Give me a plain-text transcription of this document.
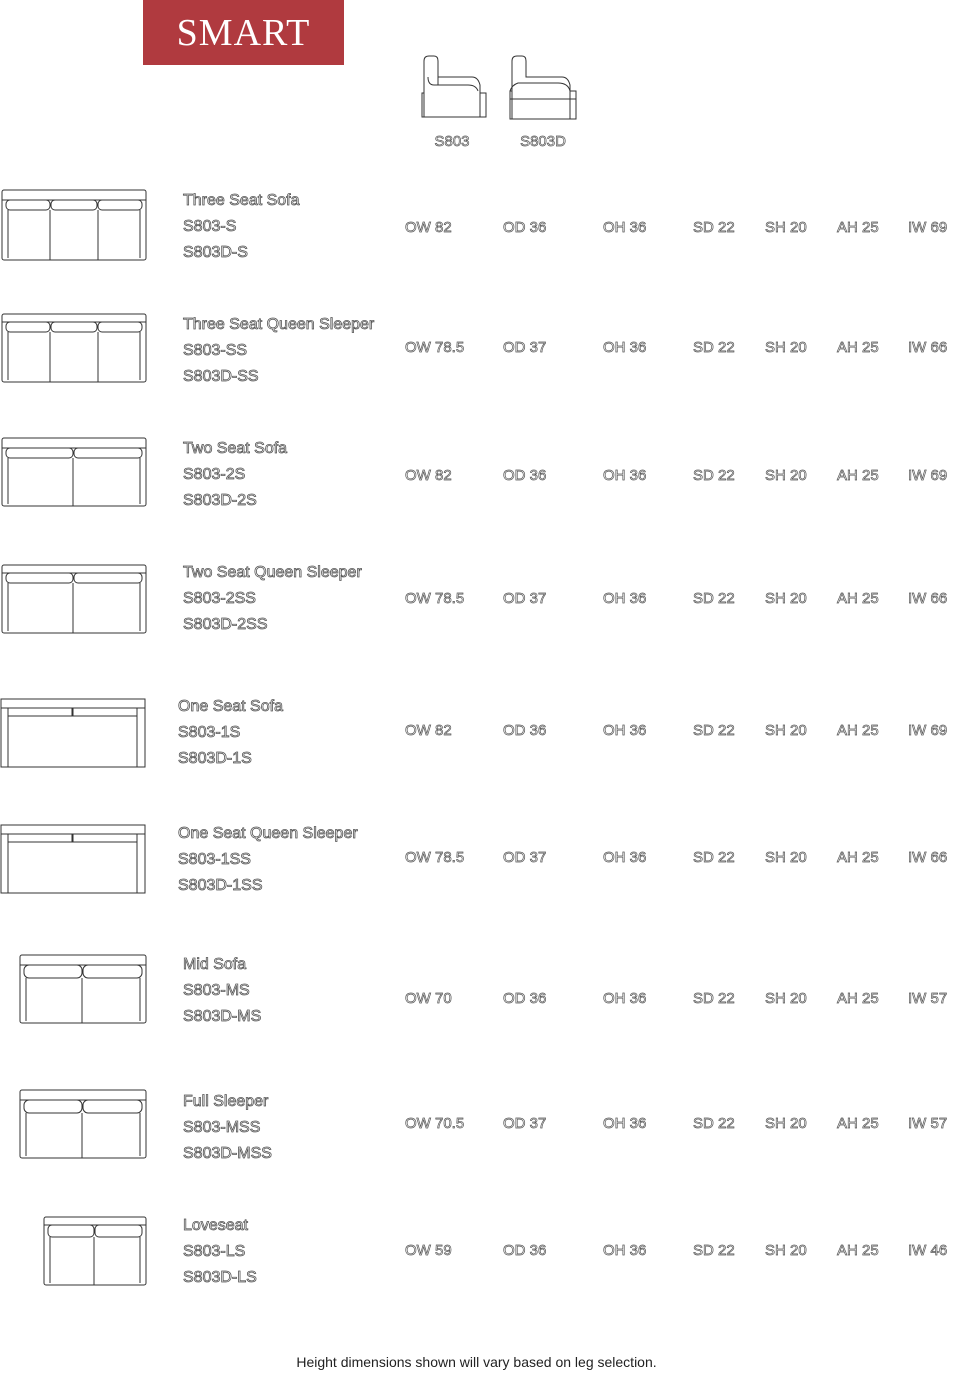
SMART
S803	S803D
Three Seat Sofa
S803-S
S803D-S
OW 82	OD 36	OH 36	SD 22 SH 20 AH 25 IW 69
Three Seat Queen Sleeper
S803-SS
S803D-SS
OW 78.5	OD 37	OH 36	SD 22 SH 20 AH 25 IW 66
Two Seat Sofa
S803-2S
S803D-2S
OW 82	OD 36	OH 36	SD 22 SH 20 AH 25 IW 69
Two Seat Queen Sleeper
S803-2SS
S803D-2SS
OW 78.5	OD 37	OH 36	SD 22 SH 20 AH 25 IW 66
One Seat Sofa
S803-1S
S803D-1S
OW 82	OD 36	OH 36	SD 22 SH 20 AH 25 IW 69
One Seat Queen Sleeper
S803-1SS
S803D-1SS
OW 78.5	OD 37	OH 36	SD 22 SH 20 AH 25 IW 66
Mid Sofa
S803-MS
S803D-MS
OW 70	OD 36	OH 36	SD 22 SH 20 AH 25 IW 57
Full Sleeper
S803-MSS
S803D-MSS
OW 70.5	OD 37	OH 36	SD 22 SH 20 AH 25 IW 57
Loveseat
S803-LS
S803D-LS
OW 59	OD 36	OH 36	SD 22 SH 20 AH 25 IW 46
Height dimensions shown will vary based on leg selection.
